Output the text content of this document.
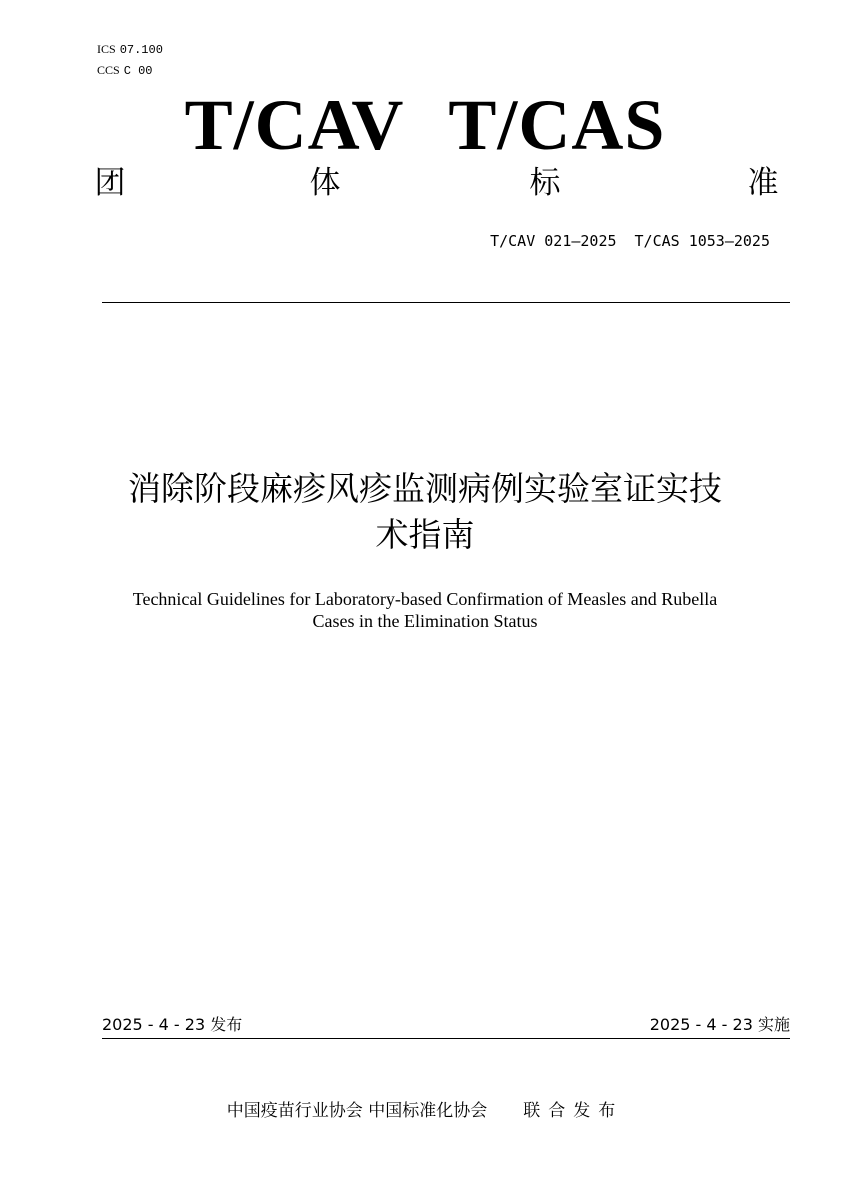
ICS 07.100
CCS C 00
T/CAV T/CAS
团	体	标	准
T/CAV 021—2025 T/CAS 1053—2025
消除阶段麻疹风疹监测病例实验室证实技
术指南
Technical Guidelines for Laboratory-based Confirmation of Measles and Rubella
Cases in the Elimination Status
2025 - 4 - 23 发布	2025 - 4 - 23 实施
中国疫苗行业协会 中国标准化协会 联合发布
